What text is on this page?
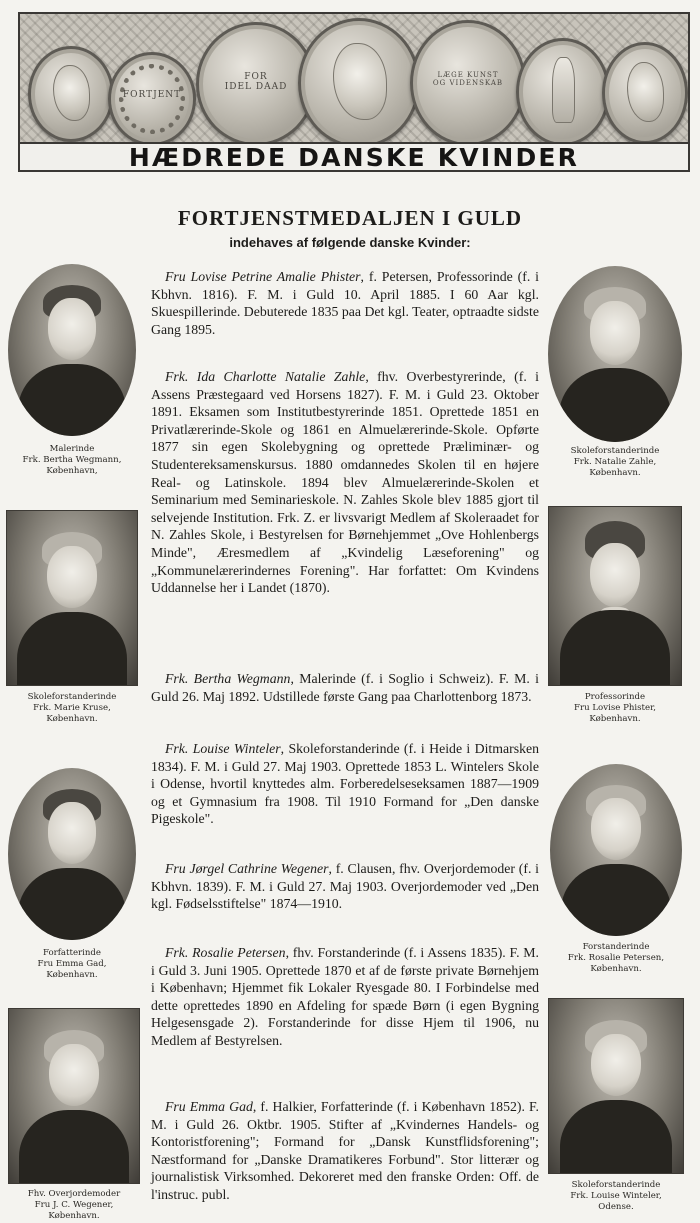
FORTJENT
FOR
IDEL DAAD
LÆGE KUNST
OG VIDENSKAB
HÆDREDE DANSKE KVINDER
FORTJENSTMEDALJEN I GULD
indehaves af følgende danske Kvinder:
Malerinde
Frk. Bertha Wegmann,
København,
Skoleforstanderinde
Frk. Natalie Zahle,
København.
Skoleforstanderinde
Frk. Marie Kruse,
København.
Professorinde
Fru Lovise Phister,
København.
Forfatterinde
Fru Emma Gad,
København.
Forstanderinde
Frk. Rosalie Petersen,
København.
Fhv. Overjordemoder
Fru J. C. Wegener,
København.
Skoleforstanderinde
Frk. Louise Winteler,
Odense.

Fru Lovise Petrine Amalie Phister, f. Petersen, Professorinde (f. i Kbhvn. 1816). F. M. i Guld 10. April 1885. I 60 Aar kgl. Skuespillerinde. Debuterede 1835 paa Det kgl. Teater, optraadte sidste Gang 1895.

Frk. Ida Charlotte Natalie Zahle, fhv. Overbestyrerinde, (f. i Assens Præstegaard ved Horsens 1827). F. M. i Guld 23. Oktober 1891. Eksamen som Institutbestyrerinde 1851. Oprettede 1851 en Privatlærerinde-Skole og 1861 en Almuelærerinde-Skole. Opførte 1877 sin egen Skolebygning og oprettede Præliminær- og Studentereksamenskursus. 1880 omdannedes Skolen til en højere Real- og Latinskole. 1894 blev Almuelærerinde-Skolen et Seminarium med Seminarieskole. N. Zahles Skole blev 1885 gjort til selvejende Institution. Frk. Z. er livsvarigt Medlem af Skoleraadet for N. Zahles Skole, i Bestyrelsen for Børnehjemmet „Ove Hohlenbergs Minde", Æresmedlem af „Kvindelig Læseforening" og „Kommunelærerindernes Forening". Har forfattet: Om Kvindens Uddannelse her i Landet (1870).

Frk. Bertha Wegmann, Malerinde (f. i Soglio i Schweiz). F. M. i Guld 26. Maj 1892. Udstillede første Gang paa Charlottenborg 1873.

Frk. Louise Winteler, Skoleforstanderinde (f. i Heide i Ditmarsken 1834). F. M. i Guld 27. Maj 1903. Oprettede 1853 L. Wintelers Skole i Odense, hvortil knyttedes alm. Forberedelseseksamen 1887—1909 og et Gymnasium fra 1908. Til 1910 Formand for „Den danske Pigeskole".

Fru Jørgel Cathrine Wegener, f. Clausen, fhv. Overjordemoder (f. i Kbhvn. 1839). F. M. i Guld 27. Maj 1903. Overjordemoder ved „Den kgl. Fødselsstiftelse" 1874—1910.

Frk. Rosalie Petersen, fhv. Forstanderinde (f. i Assens 1835). F. M. i Guld 3. Juni 1905. Oprettede 1870 et af de første private Børnehjem i København; Hjemmet fik Lokaler Ryesgade 80. I Forbindelse med dette oprettedes 1890 en Afdeling for spæde Børn (i egen Bygning Helgesensgade 2). Forstanderinde for disse Hjem til 1906, nu Medlem af Bestyrelsen.

Fru Emma Gad, f. Halkier, Forfatterinde (f. i København 1852). F. M. i Guld 26. Oktbr. 1905. Stifter af „Kvindernes Handels- og Kontoristforening"; Formand for „Dansk Kunstflidsforening"; Næstformand for „Danske Dramatikeres Forbund". Stor litterær og journalistisk Virksomhed. Dekoreret med den franske Orden: Off. de l'instruc. publ.
